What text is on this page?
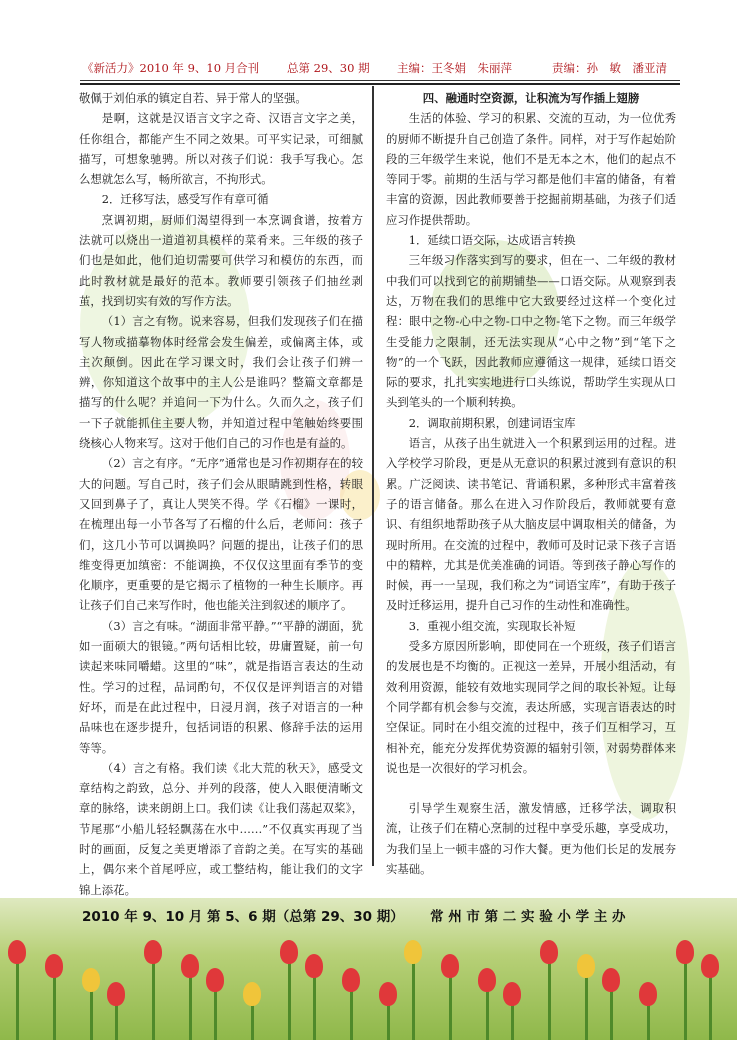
《新活力》2010 年 9、10 月合刊 总第 29、30 期 主编：王冬娟　朱丽萍	责编：孙　敏　潘亚清

敬佩于刘伯承的镇定自若、异于常人的坚强。

是啊，这就是汉语言文字之奇、汉语言文字之美，任你组合，都能产生不同之效果。可平实记录，可细腻描写，可想象驰骋。所以对孩子们说：我手写我心。怎么想就怎么写，畅所欲言，不拘形式。

2．迁移写法，感受写作有章可循

烹调初期，厨师们渴望得到一本烹调食谱，按着方法就可以烧出一道道初具模样的菜肴来。三年级的孩子们也是如此，他们迫切需要可供学习和模仿的东西，而此时教材就是最好的范本。教师要引领孩子们抽丝剥茧，找到切实有效的写作方法。

（1）言之有物。说来容易，但我们发现孩子们在描写人物或描摹物体时经常会发生偏差，或偏离主体，或主次颠倒。因此在学习课文时，我们会让孩子们辨一辨，你知道这个故事中的主人公是谁吗？整篇文章都是描写的什么呢？并追问一下为什么。久而久之，孩子们一下子就能抓住主要人物，并知道过程中笔触始终要围绕核心人物来写。这对于他们自己的习作也是有益的。

（2）言之有序。“无序”通常也是习作初期存在的较大的问题。写自己时，孩子们会从眼睛跳到性格，转眼又回到鼻子了，真让人哭笑不得。学《石榴》一课时，在梳理出每一小节各写了石榴的什么后，老师问：孩子们，这几小节可以调换吗？问题的提出，让孩子们的思维变得更加缜密：不能调换，不仅仅这里面有季节的变化顺序，更重要的是它揭示了植物的一种生长顺序。再让孩子们自己来写作时，他也能关注到叙述的顺序了。

（3）言之有味。“湖面非常平静。”“平静的湖面，犹如一面硕大的银镜。”两句话相比较，毋庸置疑，前一句读起来味同嚼蜡。这里的“味”，就是指语言表达的生动性。学习的过程，品词酌句，不仅仅是评判语言的对错好坏，而是在此过程中，日浸月润，孩子对语言的一种品味也在逐步提升，包括词语的积累、修辞手法的运用等等。

（4）言之有格。我们读《北大荒的秋天》，感受文章结构之韵致，总分、并列的段落，使人入眼便清晰文章的脉络，读来朗朗上口。我们读《让我们荡起双桨》，节尾那“小船儿轻轻飘荡在水中……”不仅真实再现了当时的画面，反复之美更增添了音韵之美。在写实的基础上，偶尔来个首尾呼应，或工整结构，能让我们的文字锦上添花。

四、融通时空资源，让积流为写作插上翅膀

生活的体验、学习的积累、交流的互动，为一位优秀的厨师不断提升自己创造了条件。同样，对于写作起始阶段的三年级学生来说，他们不是无本之木，他们的起点不等同于零。前期的生活与学习都是他们丰富的储备，有着丰富的资源，因此教师要善于挖掘前期基础，为孩子们适应习作提供帮助。

1．延续口语交际，达成语言转换

三年级习作落实到写的要求，但在一、二年级的教材中我们可以找到它的前期铺垫——口语交际。从观察到表达，万物在我们的思维中它大致要经过这样一个变化过程：眼中之物-心中之物-口中之物-笔下之物。而三年级学生受能力之限制，还无法实现从“心中之物”到“笔下之物”的一个飞跃，因此教师应遵循这一规律，延续口语交际的要求，扎扎实实地进行口头练说，帮助学生实现从口头到笔头的一个顺利转换。

2．调取前期积累，创建词语宝库

语言，从孩子出生就进入一个积累到运用的过程。进入学校学习阶段，更是从无意识的积累过渡到有意识的积累。广泛阅读、读书笔记、背诵积累，多种形式丰富着孩子的语言储备。那么在进入习作阶段后，教师就要有意识、有组织地帮助孩子从大脑皮层中调取相关的储备，为现时所用。在交流的过程中，教师可及时记录下孩子言语中的精粹，尤其是优美准确的词语。等到孩子静心写作的时候，再一一呈现，我们称之为“词语宝库”，有助于孩子及时迁移运用，提升自己习作的生动性和准确性。

3．重视小组交流，实现取长补短

受多方原因所影响，即使同在一个班级，孩子们语言的发展也是不均衡的。正视这一差异，开展小组活动，有效利用资源，能较有效地实现同学之间的取长补短。让每个同学都有机会参与交流，表达所感，实现言语表达的时空保证。同时在小组交流的过程中，孩子们互相学习，互相补充，能充分发挥优势资源的辐射引领，对弱势群体来说也是一次很好的学习机会。

引导学生观察生活，激发情感，迁移学法，调取积流，让孩子们在精心烹制的过程中享受乐趣，享受成功，为我们呈上一顿丰盛的习作大餐。更为他们长足的发展夯实基础。

2010 年 9、10 月 第 5、6 期（总第 29、30 期） 常 州 市 第 二 实 验 小 学 主 办
